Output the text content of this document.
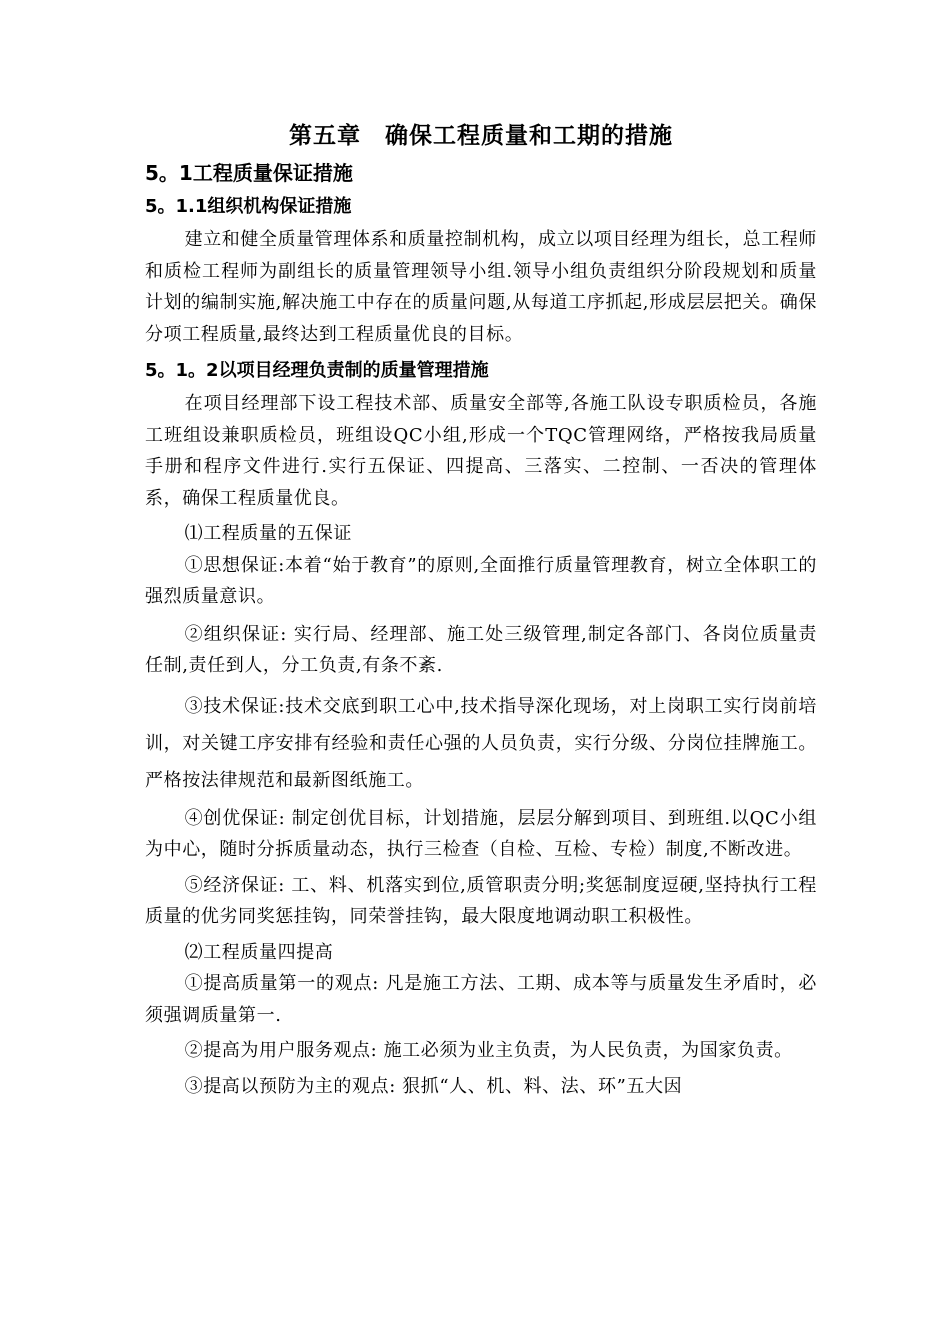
第五章　确保工程质量和工期的措施
5。1工程质量保证措施
5。1.1组织机构保证措施
建立和健全质量管理体系和质量控制机构，成立以项目经理为组长，总工程师和质检工程师为副组长的质量管理领导小组.领导小组负责组织分阶段规划和质量计划的编制实施,解决施工中存在的质量问题,从每道工序抓起,形成层层把关。确保分项工程质量,最终达到工程质量优良的目标。
5。1。2以项目经理负责制的质量管理措施
在项目经理部下设工程技术部、质量安全部等,各施工队设专职质检员，各施工班组设兼职质检员，班组设QC小组,形成一个TQC管理网络，严格按我局质量手册和程序文件进行.实行五保证、四提高、三落实、二控制、一否决的管理体系，确保工程质量优良。
⑴工程质量的五保证
①思想保证:本着“始于教育”的原则,全面推行质量管理教育，树立全体职工的强烈质量意识。
②组织保证: 实行局、经理部、施工处三级管理,制定各部门、各岗位质量责任制,责任到人，分工负责,有条不紊.
③技术保证:技术交底到职工心中,技术指导深化现场，对上岗职工实行岗前培训，对关键工序安排有经验和责任心强的人员负责，实行分级、分岗位挂牌施工。严格按法律规范和最新图纸施工。
④创优保证: 制定创优目标，计划措施，层层分解到项目、到班组.以QC小组为中心，随时分拆质量动态，执行三检查（自检、互检、专检）制度,不断改进。
⑤经济保证: 工、料、机落实到位,质管职责分明;奖惩制度逗硬,坚持执行工程质量的优劣同奖惩挂钩，同荣誉挂钩，最大限度地调动职工积极性。
⑵工程质量四提高
①提高质量第一的观点: 凡是施工方法、工期、成本等与质量发生矛盾时，必须强调质量第一.
②提高为用户服务观点: 施工必须为业主负责，为人民负责，为国家负责。
③提高以预防为主的观点: 狠抓“人、机、料、法、环”五大因
